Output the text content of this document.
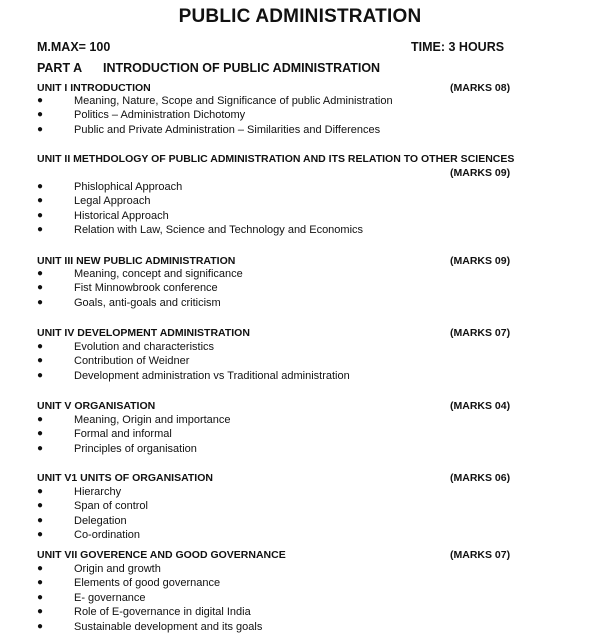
PUBLIC ADMINISTRATION
M.MAX= 100	TIME: 3 HOURS
PART A INTRODUCTION OF PUBLIC ADMINISTRATION
UNIT I INTRODUCTION	(MARKS 08)
●	Meaning, Nature, Scope and Significance of public Administration
●	Politics – Administration Dichotomy
●	Public and Private Administration – Similarities and Differences
UNIT II METHDOLOGY OF PUBLIC ADMINISTRATION AND ITS RELATION TO OTHER SCIENCES
(MARKS 09)
●	Phislophical Approach
●	Legal Approach
●	Historical Approach
●	Relation with Law, Science and Technology and Economics
UNIT III NEW PUBLIC ADMINISTRATION	(MARKS 09)
●	Meaning, concept and significance
●	Fist Minnowbrook conference
●	Goals, anti-goals and criticism
UNIT IV DEVELOPMENT ADMINISTRATION	(MARKS 07)
●	Evolution and characteristics
●	Contribution of Weidner
●	Development administration vs Traditional administration
UNIT V ORGANISATION	(MARKS 04)
●	Meaning, Origin and importance
●	Formal and informal
●	Principles of organisation
UNIT V1 UNITS OF ORGANISATION	(MARKS 06)
●	Hierarchy
●	Span of control
●	Delegation
●	Co-ordination
UNIT VII GOVERENCE AND GOOD GOVERNANCE	(MARKS 07)
●	Origin and growth
●	Elements of good governance
●	E- governance
●	Role of E-governance in digital India
●	Sustainable development and its goals
